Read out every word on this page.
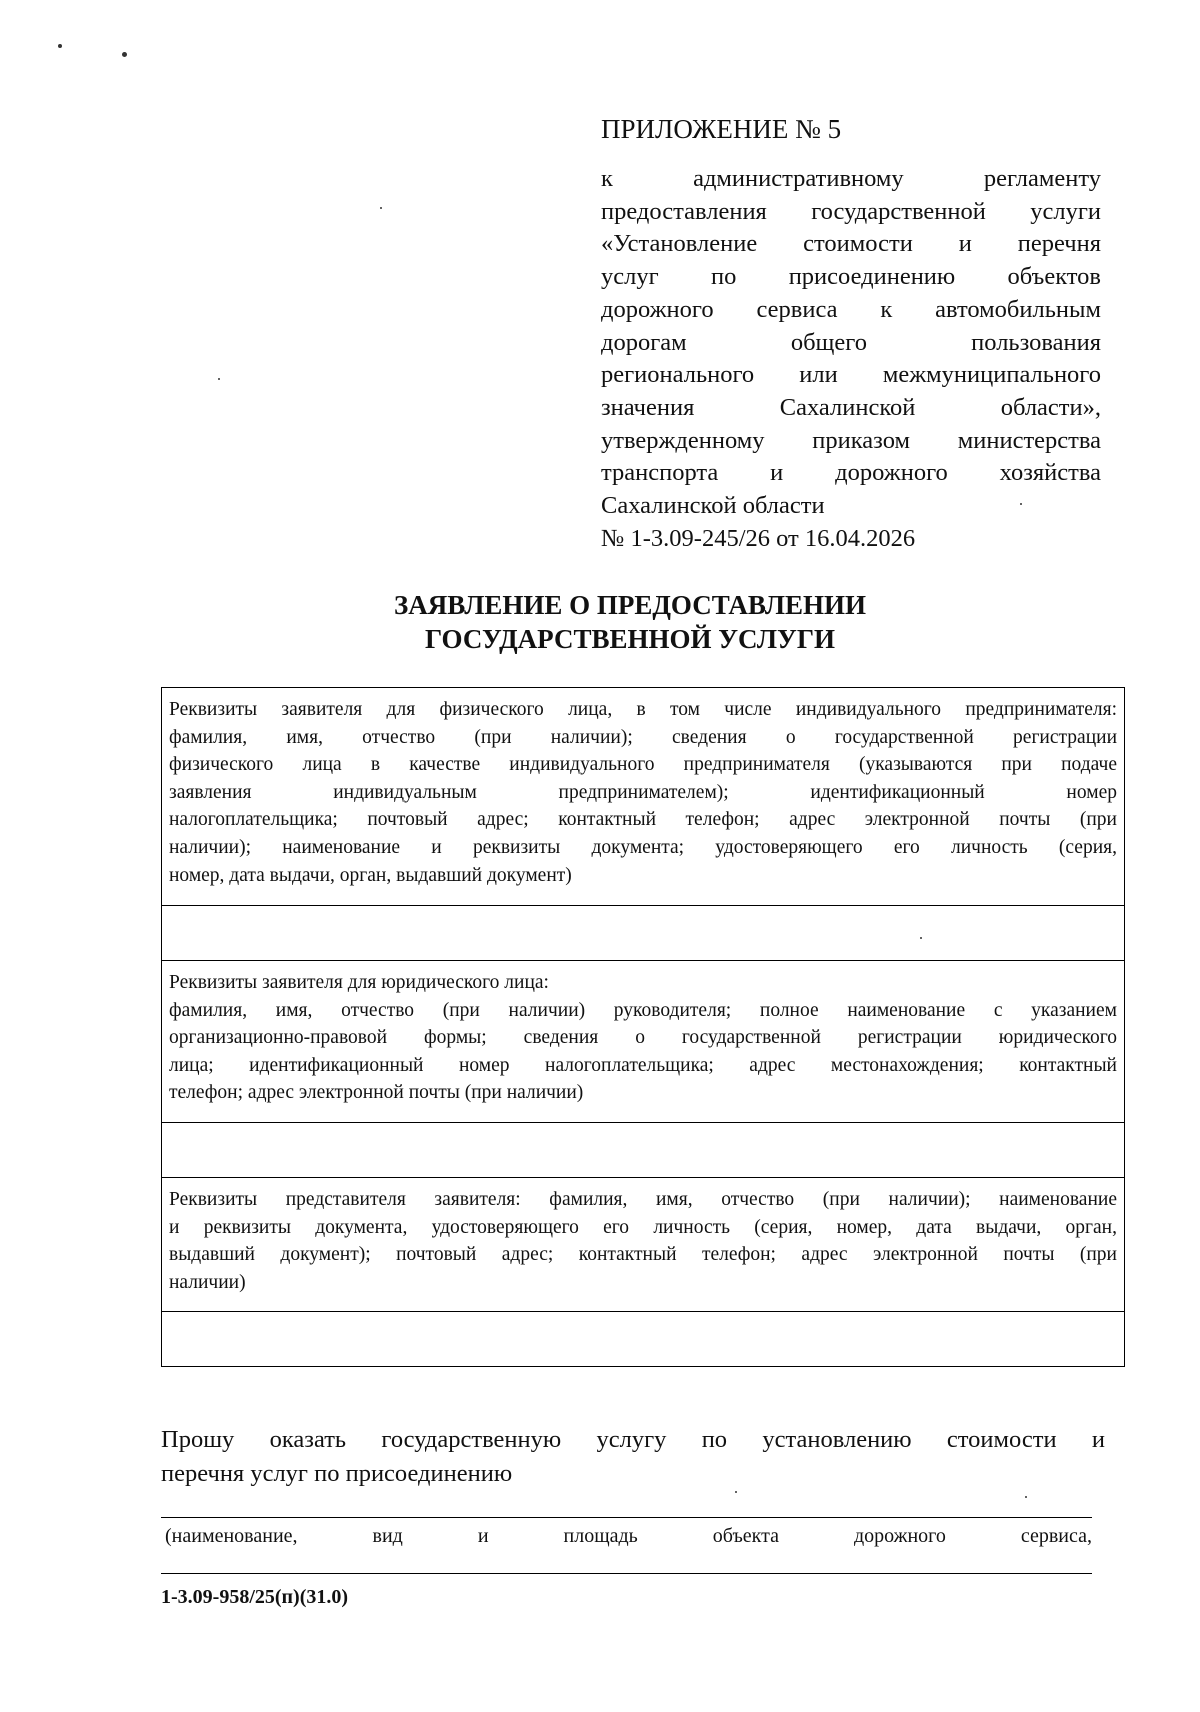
ПРИЛОЖЕНИЕ № 5
к административному регламенту
предоставления государственной услуги
«Установление стоимости и перечня
услуг по присоединению объектов
дорожного сервиса к автомобильным
дорогам общего пользования
регионального или межмуниципального
значения Сахалинской области»,
утвержденному приказом министерства
транспорта и дорожного хозяйства
Сахалинской области
№ 1-3.09-245/26 от 16.04.2026
ЗАЯВЛЕНИЕ О ПРЕДОСТАВЛЕНИИ
ГОСУДАРСТВЕННОЙ УСЛУГИ
Реквизиты заявителя для физического лица, в том числе индивидуального предпринимателя:
фамилия, имя, отчество (при наличии); сведения о государственной регистрации
физического лица в качестве индивидуального предпринимателя (указываются при подаче
заявления индивидуальным предпринимателем); идентификационный номер
налогоплательщика; почтовый адрес; контактный телефон; адрес электронной почты (при
наличии); наименование и реквизиты документа; удостоверяющего его личность (серия,
номер, дата выдачи, орган, выдавший документ)
Реквизиты заявителя для юридического лица:
фамилия, имя, отчество (при наличии) руководителя; полное наименование с указанием
организационно-правовой формы; сведения о государственной регистрации юридического
лица; идентификационный номер налогоплательщика; адрес местонахождения; контактный
телефон; адрес электронной почты (при наличии)
Реквизиты представителя заявителя: фамилия, имя, отчество (при наличии); наименование
и реквизиты документа, удостоверяющего его личность (серия, номер, дата выдачи, орган,
выдавший документ); почтовый адрес; контактный телефон; адрес электронной почты (при
наличии)
Прошу оказать государственную услугу по установлению стоимости и
перечня услуг по присоединению
(наименование, вид и площадь объекта дорожного сервиса,
1-3.09-958/25(п)(31.0)
